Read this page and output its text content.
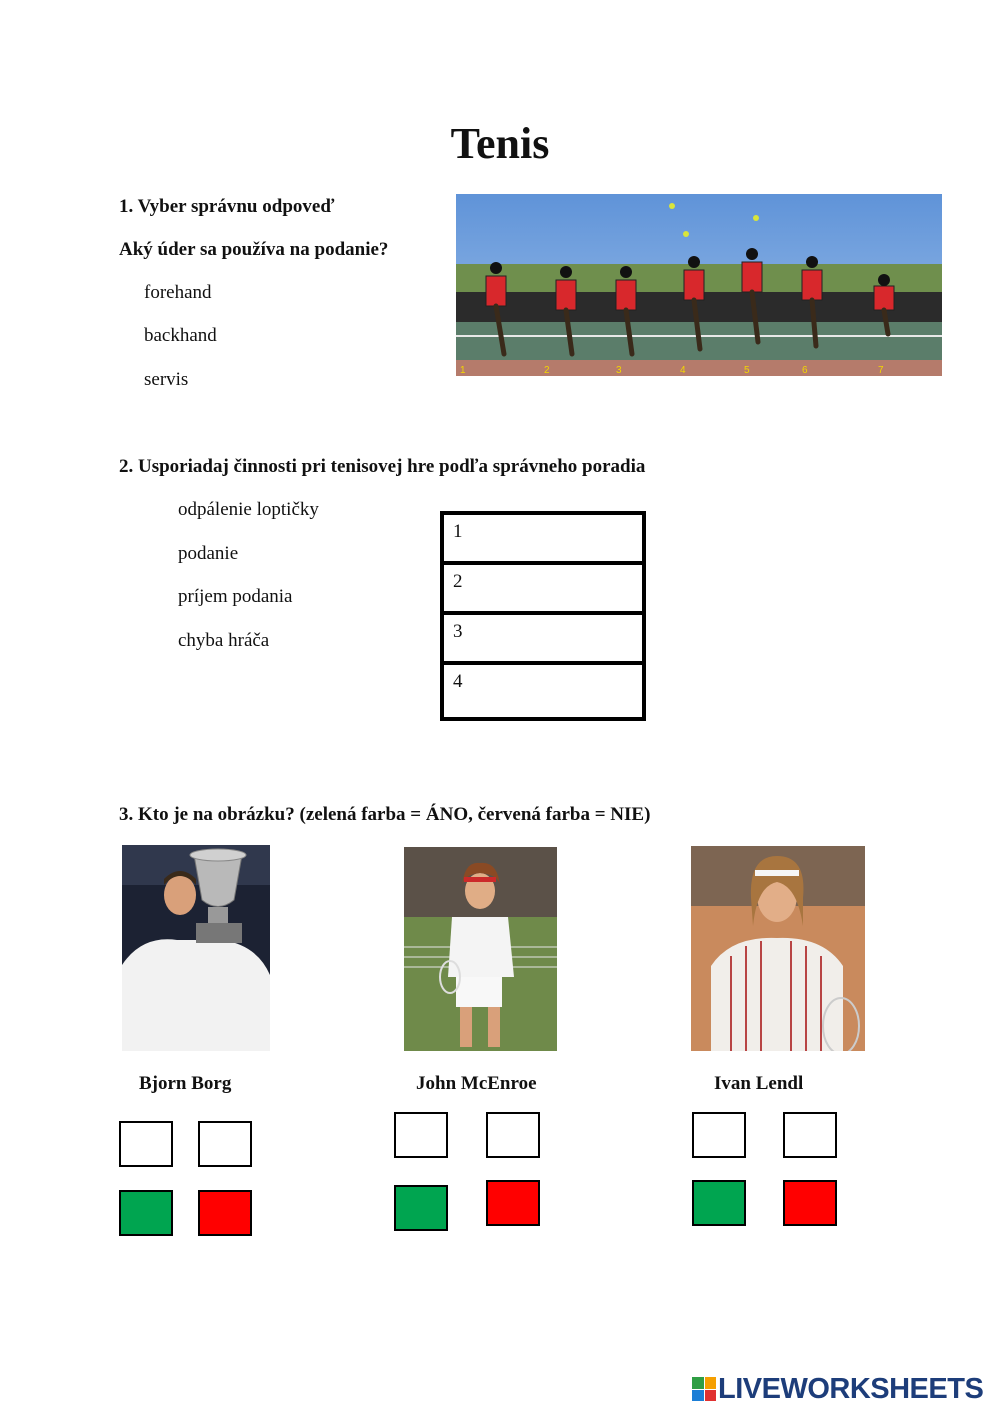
Tenis
1. Vyber správnu odpoveď
Aký úder sa používa na podanie?
forehand
backhand
servis	1	2	3	4	5	6	7
2. Usporiadaj činnosti pri tenisovej hre podľa správneho poradia
odpálenie loptičky
podanie
príjem podania
chyba hráča
1
2
3
4
3. Kto je na obrázku? (zelená farba = ÁNO, červená farba = NIE)
Bjorn Borg	John McEnroe	Ivan Lendl
LIVEWORKSHEETS
